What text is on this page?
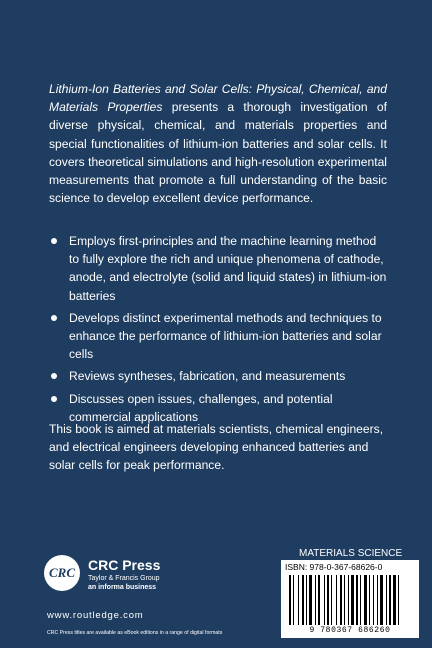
Lithium-Ion Batteries and Solar Cells: Physical, Chemical, and Materials Properties presents a thorough investigation of diverse physical, chemical, and materials properties and special functionalities of lithium-ion batteries and solar cells. It covers theoretical simulations and high-resolution experimental measurements that promote a full understanding of the basic science to develop excellent device performance.

Employs first-principles and the machine learning method to fully explore the rich and unique phenomena of cathode, anode, and electrolyte (solid and liquid states) in lithium-ion batteries
Develops distinct experimental methods and techniques to enhance the performance of lithium-ion batteries and solar cells
Reviews syntheses, fabrication, and measurements
Discusses open issues, challenges, and potential commercial applications

This book is aimed at materials scientists, chemical engineers, and electrical engineers developing enhanced batteries and solar cells for peak performance.

CRC CRC Press
Taylor & Francis Group
an informa business
www.routledge.com
CRC Press titles are available as eBook editions in a range of digital formats
MATERIALS SCIENCE
ISBN: 978-0-367-68626-0
9 780367 686260
